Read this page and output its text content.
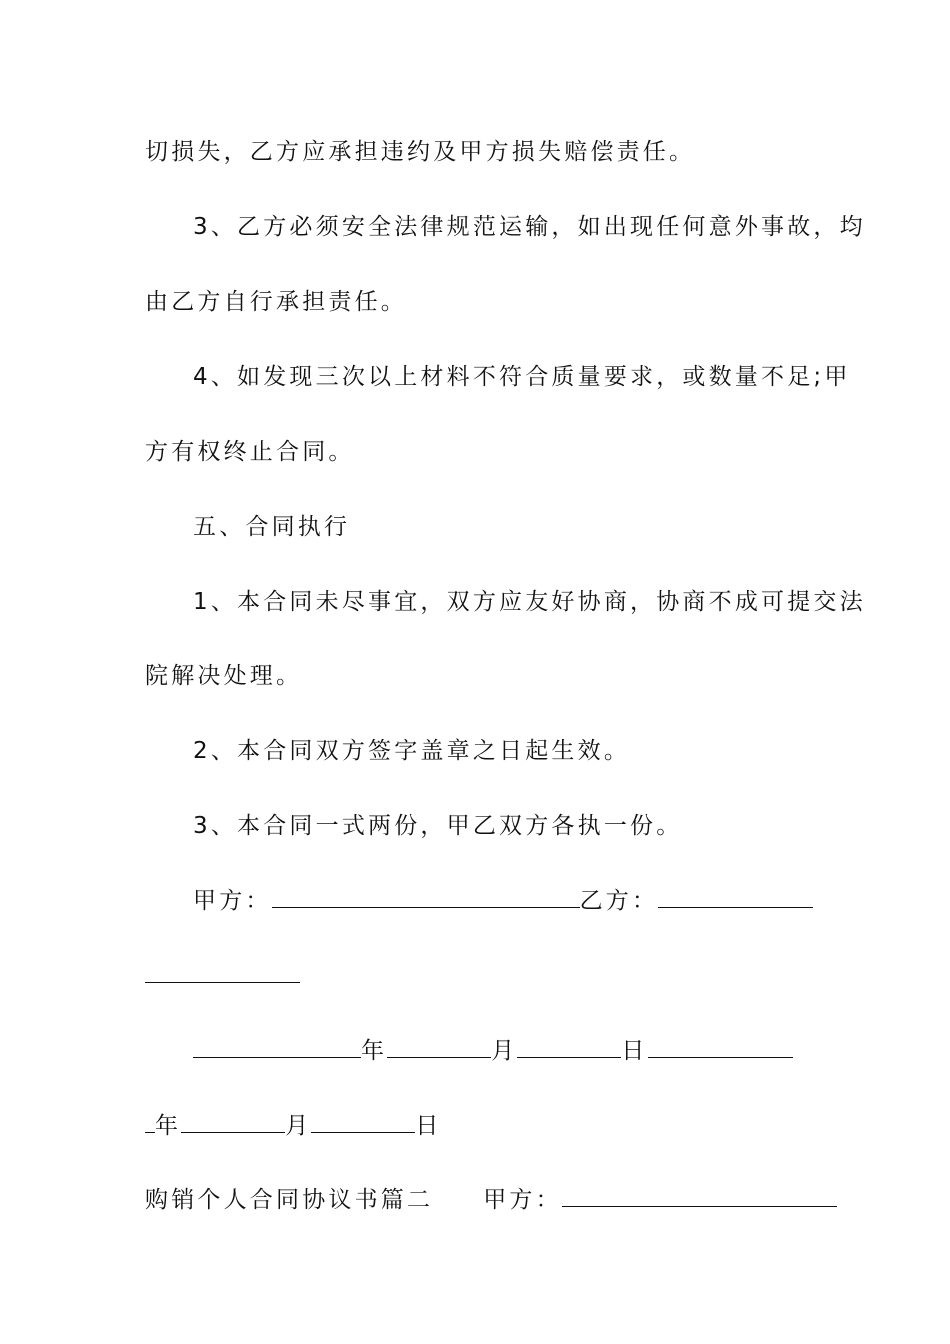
切损失，乙方应承担违约及甲方损失赔偿责任。
3、乙方必须安全法律规范运输，如出现任何意外事故，均
由乙方自行承担责任。
4、如发现三次以上材料不符合质量要求，或数量不足;甲
方有权终止合同。
五、合同执行
1、本合同未尽事宜，双方应友好协商，协商不成可提交法
院解决处理。
2、本合同双方签字盖章之日起生效。
3、本合同一式两份，甲乙双方各执一份。
甲方：	乙方：
年	月	日
年	月	日
购销个人合同协议书篇二 甲方：
